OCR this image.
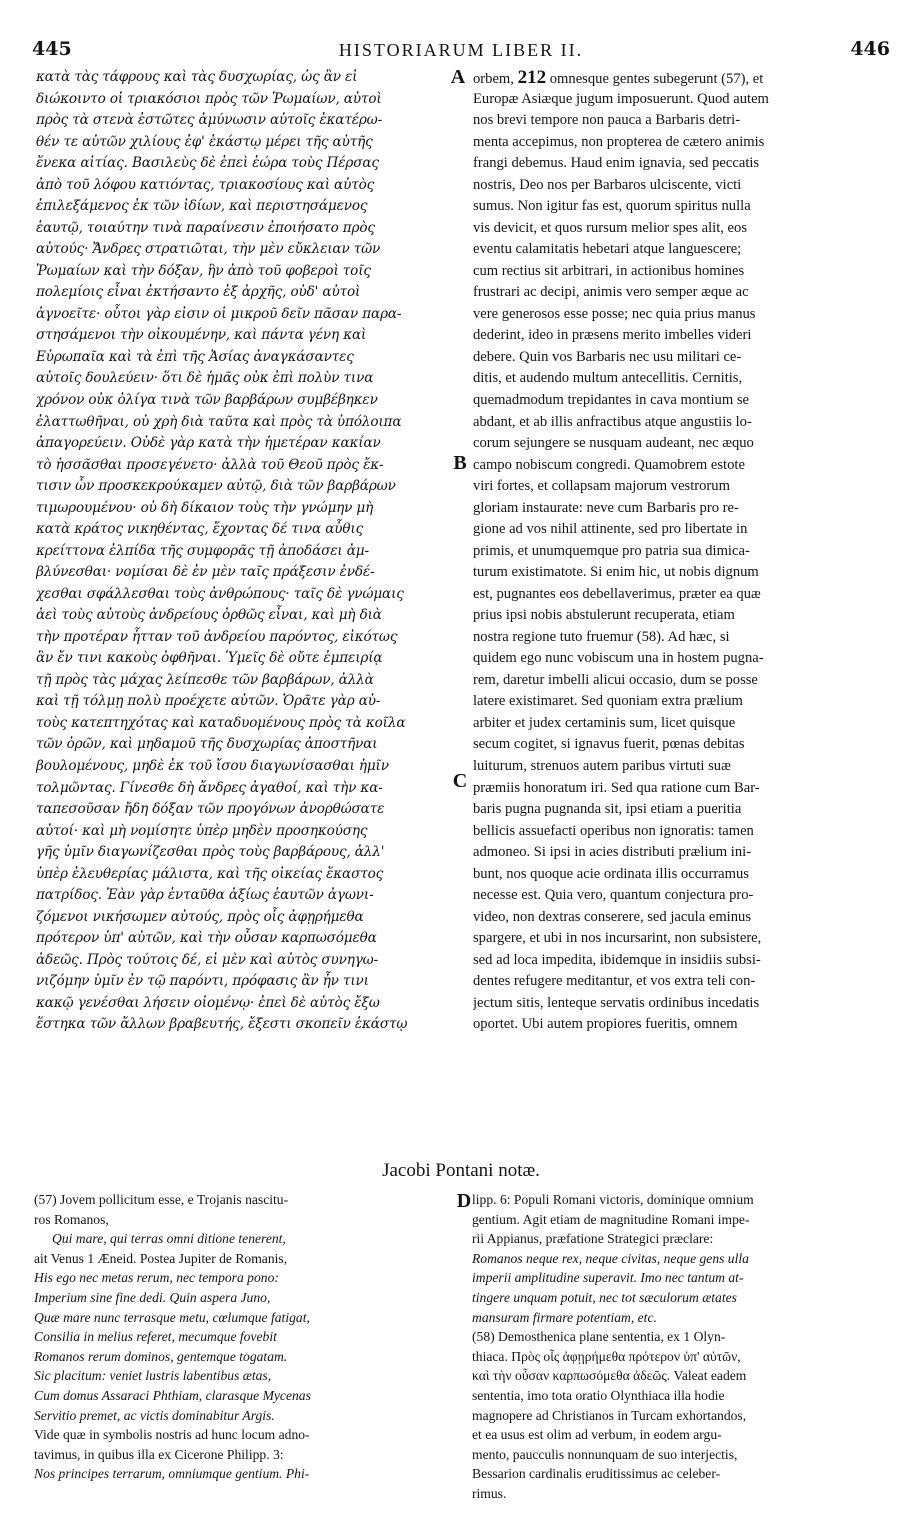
445	HISTORIARUM LIBER II.	446
A
B
C
D
κατὰ τὰς τάφρους καὶ τὰς δυσχωρίας, ὡς ἂν εἰ
διώκοιντο οἱ τριακόσιοι πρὸς τῶν Ῥωμαίων, αὐτοὶ
πρὸς τὰ στενὰ ἑστῶτες ἀμύνωσιν αὐτοῖς ἑκατέρω-
θέν τε αὐτῶν χιλίους ἐφ' ἑκάστῳ μέρει τῆς αὐτῆς
ἕνεκα αἰτίας. Βασιλεὺς δὲ ἐπεὶ ἑώρα τοὺς Πέρσας
ἀπὸ τοῦ λόφου κατιόντας, τριακοσίους καὶ αὐτὸς
ἐπιλεξάμενος ἐκ τῶν ἰδίων, καὶ περιστησάμενος
ἑαυτῷ, τοιαύτην τινὰ παραίνεσιν ἐποιήσατο πρὸς
αὐτούς· Ἄνδρες στρατιῶται, τὴν μὲν εὔκλειαν τῶν
Ῥωμαίων καὶ τὴν δόξαν, ἣν ἀπὸ τοῦ φοβεροὶ τοῖς
πολεμίοις εἶναι ἐκτήσαντο ἐξ ἀρχῆς, οὐδ' αὐτοὶ
ἀγνοεῖτε· οὗτοι γὰρ εἰσιν οἱ μικροῦ δεῖν πᾶσαν παρα-
στησάμενοι τὴν οἰκουμένην, καὶ πάντα γένη καὶ
Εὐρωπαῖα καὶ τὰ ἐπὶ τῆς Ἀσίας ἀναγκάσαντες
αὐτοῖς δουλεύειν· ὅτι δὲ ἡμᾶς οὐκ ἐπὶ πολὺν τινα
χρόνον οὐκ ὀλίγα τινὰ τῶν βαρβάρων συμβέβηκεν
ἐλαττωθῆναι, οὐ χρὴ διὰ ταῦτα καὶ πρὸς τὰ ὑπόλοιπα
ἀπαγορεύειν. Οὐδὲ γὰρ κατὰ τὴν ἡμετέραν κακίαν
τὸ ἡσσᾶσθαι προσεγένετο· ἀλλὰ τοῦ Θεοῦ πρὸς ἔκ-
τισιν ὧν προσκεκρούκαμεν αὐτῷ, διὰ τῶν βαρβάρων
τιμωρουμένου· οὐ δὴ δίκαιον τοὺς τὴν γνώμην μὴ
κατὰ κράτος νικηθέντας, ἔχοντας δέ τινα αὖθις
κρείττονα ἐλπίδα τῆς συμφορᾶς τῇ ἀποδάσει ἀμ-
βλύνεσθαι· νομίσαι δὲ ἐν μὲν ταῖς πράξεσιν ἐνδέ-
χεσθαι σφάλλεσθαι τοὺς ἀνθρώπους· ταῖς δὲ γνώμαις
ἀεὶ τοὺς αὐτοὺς ἀνδρείους ὀρθῶς εἶναι, καὶ μὴ διὰ
τὴν προτέραν ἧτταν τοῦ ἀνδρείου παρόντος, εἰκότως
ἂν ἔν τινι κακοὺς ὀφθῆναι. Ὑμεῖς δὲ οὔτε ἐμπειρίᾳ
τῇ πρὸς τὰς μάχας λείπεσθε τῶν βαρβάρων, ἀλλὰ
καὶ τῇ τόλμῃ πολὺ προέχετε αὐτῶν. Ὁρᾶτε γὰρ αὐ-
τοὺς κατεπτηχότας καὶ καταδυομένους πρὸς τὰ κοῖλα
τῶν ὀρῶν, καὶ μηδαμοῦ τῆς δυσχωρίας ἀποστῆναι
βουλομένους, μηδὲ ἐκ τοῦ ἴσου διαγωνίσασθαι ἡμῖν
τολμῶντας. Γίνεσθε δὴ ἄνδρες ἀγαθοί, καὶ τὴν κα-
ταπεσοῦσαν ἤδη δόξαν τῶν προγόνων ἀνορθώσατε
αὐτοί· καὶ μὴ νομίσητε ὑπὲρ μηδὲν προσηκούσης
γῆς ὑμῖν διαγωνίζεσθαι πρὸς τοὺς βαρβάρους, ἀλλ'
ὑπὲρ ἐλευθερίας μάλιστα, καὶ τῆς οἰκείας ἕκαστος
πατρίδος. Ἐὰν γὰρ ἐνταῦθα ἀξίως ἑαυτῶν ἀγωνι-
ζόμενοι νικήσωμεν αὐτούς, πρὸς οἷς ἀφῃρήμεθα
πρότερον ὑπ' αὐτῶν, καὶ τὴν οὖσαν καρπωσόμεθα
ἀδεῶς. Πρὸς τούτοις δέ, εἰ μὲν καὶ αὐτὸς συνηγω-
νιζόμην ὑμῖν ἐν τῷ παρόντι, πρόφασις ἂν ἦν τινι
κακῷ γενέσθαι λήσειν οἰομένῳ· ἐπεὶ δὲ αὐτὸς ἔξω
ἕστηκα τῶν ἄλλων βραβευτής, ἔξεστι σκοπεῖν ἑκάστῳ
orbem, 212 omnesque gentes subegerunt (57), et
Europæ Asiæque jugum imposuerunt. Quod autem
nos brevi tempore non pauca a Barbaris detri-
menta accepimus, non propterea de cætero animis
frangi debemus. Haud enim ignavia, sed peccatis
nostris, Deo nos per Barbaros ulciscente, victi
sumus. Non igitur fas est, quorum spiritus nulla
vis devicit, et quos rursum melior spes alit, eos
eventu calamitatis hebetari atque languescere;
cum rectius sit arbitrari, in actionibus homines
frustrari ac decipi, animis vero semper æque ac
vere generosos esse posse; nec quia prius manus
dederint, ideo in præsens merito imbelles videri
debere. Quin vos Barbaris nec usu militari ce-
ditis, et audendo multum antecellitis. Cernitis,
quemadmodum trepidantes in cava montium se
abdant, et ab illis anfractibus atque angustiis lo-
corum sejungere se nusquam audeant, nec æquo
campo nobiscum congredi. Quamobrem estote
viri fortes, et collapsam majorum vestrorum
gloriam instaurate: neve cum Barbaris pro re-
gione ad vos nihil attinente, sed pro libertate in
primis, et unumquemque pro patria sua dimica-
turum existimatote. Si enim hic, ut nobis dignum
est, pugnantes eos debellaverimus, præter ea quæ
prius ipsi nobis abstulerunt recuperata, etiam
nostra regione tuto fruemur (58). Ad hæc, si
quidem ego nunc vobiscum una in hostem pugna-
rem, daretur imbelli alicui occasio, dum se posse
latere existimaret. Sed quoniam extra prælium
arbiter et judex certaminis sum, licet quisque
secum cogitet, si ignavus fuerit, pœnas debitas
luiturum, strenuos autem paribus virtuti suæ
præmiis honoratum iri. Sed qua ratione cum Bar-
baris pugna pugnanda sit, ipsi etiam a pueritia
bellicis assuefacti operibus non ignoratis: tamen
admoneo. Si ipsi in acies distributi prælium ini-
bunt, nos quoque acie ordinata illis occurramus
necesse est. Quia vero, quantum conjectura pro-
video, non dextras conserere, sed jacula eminus
spargere, et ubi in nos incursarint, non subsistere,
sed ad loca impedita, ibidemque in insidiis subsi-
dentes refugere meditantur, et vos extra teli con-
jectum sitis, lenteque servatis ordinibus incedatis
oportet. Ubi autem propiores fueritis, omnem
Jacobi Pontani notæ.
(57) Jovem pollicitum esse, e Trojanis nascitu-
ros Romanos,
Qui mare, qui terras omni ditione tenerent,
ait Venus 1 Æneid. Postea Jupiter de Romanis,
His ego nec metas rerum, nec tempora pono:
Imperium sine fine dedi. Quin aspera Juno,
Quæ mare nunc terrasque metu, cœlumque fatigat,
Consilia in melius referet, mecumque fovebit
Romanos rerum dominos, gentemque togatam.
Sic placitum: veniet lustris labentibus ætas,
Cum domus Assaraci Phthiam, clarasque Mycenas
Servitio premet, ac victis dominabitur Argis.
Vide quæ in symbolis nostris ad hunc locum adno-
tavimus, in quibus illa ex Cicerone Philipp. 3:
Nos principes terrarum, omniumque gentium. Phi-
lipp. 6: Populi Romani victoris, dominique omnium
gentium. Agit etiam de magnitudine Romani impe-
rii Appianus, præfatione Strategici præclare:
Romanos neque rex, neque civitas, neque gens ulla
imperii amplitudine superavit. Imo nec tantum at-
tingere unquam potuit, nec tot sæculorum ætates
mansuram firmare potentiam, etc.
(58) Demosthenica plane sententia, ex 1 Olyn-
thiaca. Πρὸς οἷς ἀφῃρήμεθα πρότερον ὑπ' αὐτῶν,
καὶ τὴν οὖσαν καρπωσόμεθα ἀδεῶς. Valeat eadem
sententia, imo tota oratio Olynthiaca illa hodie
magnopere ad Christianos in Turcam exhortandos,
et ea usus est olim ad verbum, in eodem argu-
mento, paucculis nonnunquam de suo interjectis,
Bessarion cardinalis eruditissimus ac celeber-
rimus.
